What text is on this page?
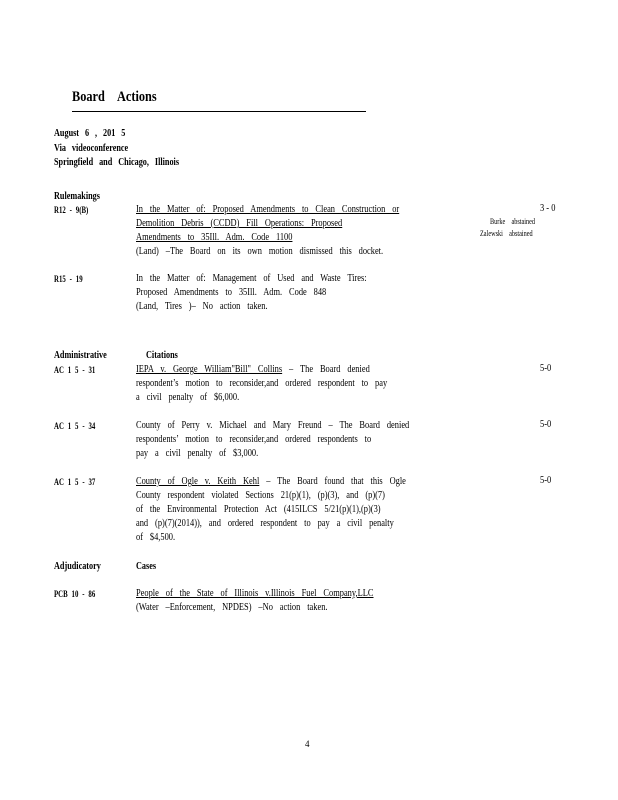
Board Actions
August 6 , 201 5
Via videoconference
Springfield and Chicago, Illinois
Rulemakings
R12 - 9(B)	In the Matter of: Proposed Amendments to Clean Construction or
Demolition Debris (CCDD) Fill Operations: Proposed
Amendments to 35Ill. Adm. Code 1100
(Land) –The Board on its own motion dismissed this docket.
3 - 0
Burke abstained
Zalewski abstained
R15 - 19	In the Matter of: Management of Used and Waste Tires:
Proposed Amendments to 35Ill. Adm. Code 848
(Land, Tires )– No action taken.
Administrative	Citations
AC 1 5 - 31	IEPA v. George William"Bill" Collins – The Board denied
respondent’s motion to reconsider,and ordered respondent to pay
a civil penalty of $6,000.
5-0
AC 1 5 - 34	County of Perry v. Michael and Mary Freund – The Board denied
respondents’ motion to reconsider,and ordered respondents to
pay a civil penalty of $3,000.
5-0
AC 1 5 - 37	County of Ogle v. Keith Kehl – The Board found that this Ogle
County respondent violated Sections 21(p)(1), (p)(3), and (p)(7)
of the Environmental Protection Act (415ILCS 5/21(p)(1),(p)(3)
and (p)(7)(2014)), and ordered respondent to pay a civil penalty
of $4,500.
5-0
Adjudicatory	Cases
PCB 10 - 86	People of the State of Illinois v.Illinois Fuel Company,LLC
(Water –Enforcement, NPDES) –No action taken.
4
